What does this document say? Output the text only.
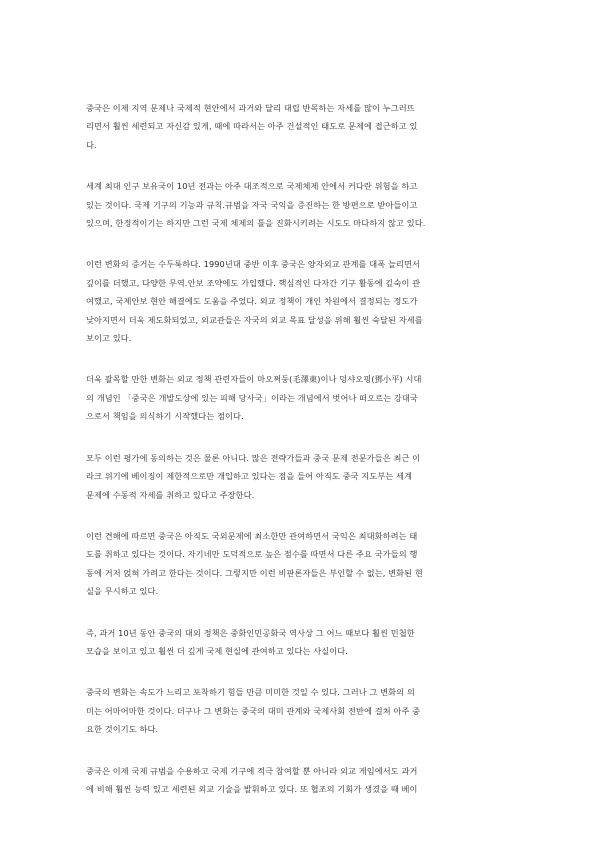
중국은 이제 지역 문제나 국제적 현안에서 과거와 달리 대립 반목하는 자세를 많이 누그러뜨
리면서 훨씬 세련되고 자신감 있게, 때에 따라서는 아주 건설적인 태도로 문제에 접근하고 있
다.

세계 최대 인구 보유국이 10년 전과는 아주 대조적으로 국제체제 안에서 커다란 위험을 하고
있는 것이다. 국제 기구의 기능과 규칙.규범을 자국 국익을 증진하는 한 방편으로 받아들이고
있으며, 한정적이기는 하지만 그런 국제 체제의 틀을 진화시키려는 시도도 마다하지 않고 있다.

이런 변화의 증거는 수두룩하다. 1990년대 중반 이후 중국은 양자외교 관계를 대폭 늘리면서
깊이를 더했고, 다양한 무역.안보 조약에도 가입했다. 핵심적인 다자간 기구 활동에 깊숙이 관
여했고, 국제안보 현안 해결에도 도움을 주었다. 외교 정책이 개인 차원에서 결정되는 정도가
낮아지면서 더욱 제도화되었고, 외교관들은 자국의 외교 목표 달성을 위해 훨씬 숙달된 자세를
보이고 있다.

더욱 괄목할 만한 변화는 외교 정책 관련자들이 마오쩌둥(毛澤東)이나 덩샤오핑(鄧小平) 시대
의 개념인 「중국은 개발도상에 있는 피해 당사국」이라는 개념에서 벗어나 떠오르는 강대국
으로서 책임을 의식하기 시작했다는 점이다.

모두 이런 평가에 동의하는 것은 물론 아니다. 많은 전략가들과 중국 문제 전문가들은 최근 이
라크 위기에 베이징이 제한적으로만 개입하고 있다는 점을 들어 아직도 중국 지도부는 세계
문제에 수동적 자세를 취하고 있다고 주장한다.

이런 견해에 따르면 중국은 아직도 국외문제에 최소한만 관여하면서 국익은 최대화하려는 태
도를 취하고 있다는 것이다. 자기네만 도덕적으로 높은 점수를 따면서 다른 주요 국가들의 행
동에 거저 얹혀 가려고 한다는 것이다. 그렇지만 이런 비판론자들은 부인할 수 없는, 변화된 현
실을 무시하고 있다.

즉, 과거 10년 동안 중국의 대외 정책은 중화인민공화국 역사상 그 어느 때보다 훨씬 민첩한
모습을 보이고 있고 훨씬 더 깊게 국제 현실에 관여하고 있다는 사실이다.

중국의 변화는 속도가 느리고 포착하기 힘들 만큼 미미한 것일 수 있다. 그러나 그 변화의 의
미는 어마어마한 것이다. 더구나 그 변화는 중국의 대미 관계와 국제사회 전반에 걸쳐 아주 중
요한 것이기도 하다.

중국은 이제 국제 규범을 수용하고 국제 기구에 적극 참여할 뿐 아니라 외교 게임에서도 과거
에 비해 훨씬 능력 있고 세련된 외교 기술을 발휘하고 있다. 또 협조의 기회가 생겼을 때 베이
